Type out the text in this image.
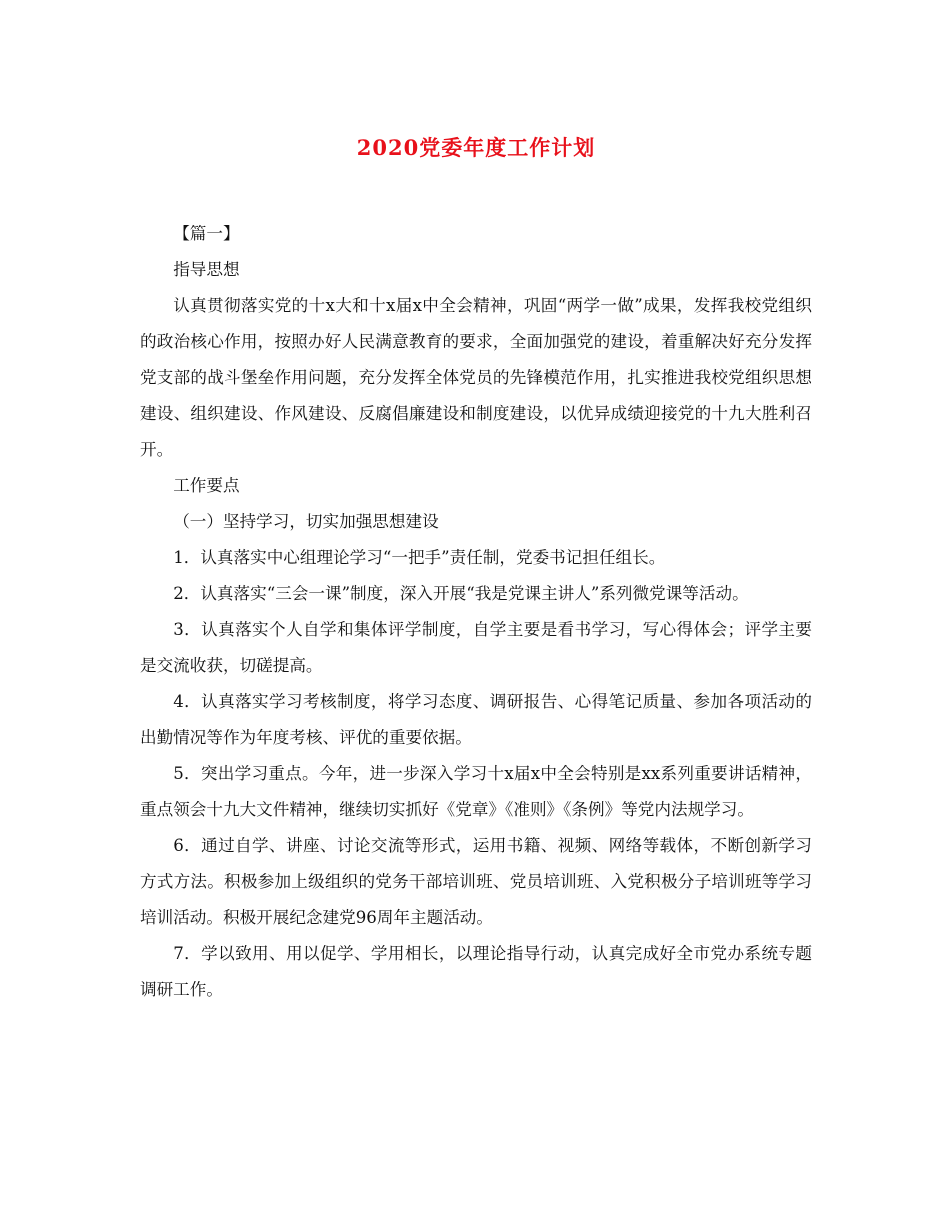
2020党委年度工作计划

【篇一】

指导思想

认真贯彻落实党的十x大和十x届x中全会精神，巩固“两学一做”成果，发挥我校党组织的政治核心作用，按照办好人民满意教育的要求，全面加强党的建设，着重解决好充分发挥党支部的战斗堡垒作用问题，充分发挥全体党员的先锋模范作用，扎实推进我校党组织思想建设、组织建设、作风建设、反腐倡廉建设和制度建设，以优异成绩迎接党的十九大胜利召开。

工作要点

（一）坚持学习，切实加强思想建设

1．认真落实中心组理论学习“一把手”责任制，党委书记担任组长。

2．认真落实“三会一课”制度，深入开展“我是党课主讲人”系列微党课等活动。

3．认真落实个人自学和集体评学制度，自学主要是看书学习，写心得体会；评学主要是交流收获，切磋提高。

4．认真落实学习考核制度，将学习态度、调研报告、心得笔记质量、参加各项活动的出勤情况等作为年度考核、评优的重要依据。

5．突出学习重点。今年，进一步深入学习十x届x中全会特别是xx系列重要讲话精神，重点领会十九大文件精神，继续切实抓好《党章》《准则》《条例》等党内法规学习。

6．通过自学、讲座、讨论交流等形式，运用书籍、视频、网络等载体，不断创新学习方式方法。积极参加上级组织的党务干部培训班、党员培训班、入党积极分子培训班等学习培训活动。积极开展纪念建党96周年主题活动。

7．学以致用、用以促学、学用相长，以理论指导行动，认真完成好全市党办系统专题调研工作。
